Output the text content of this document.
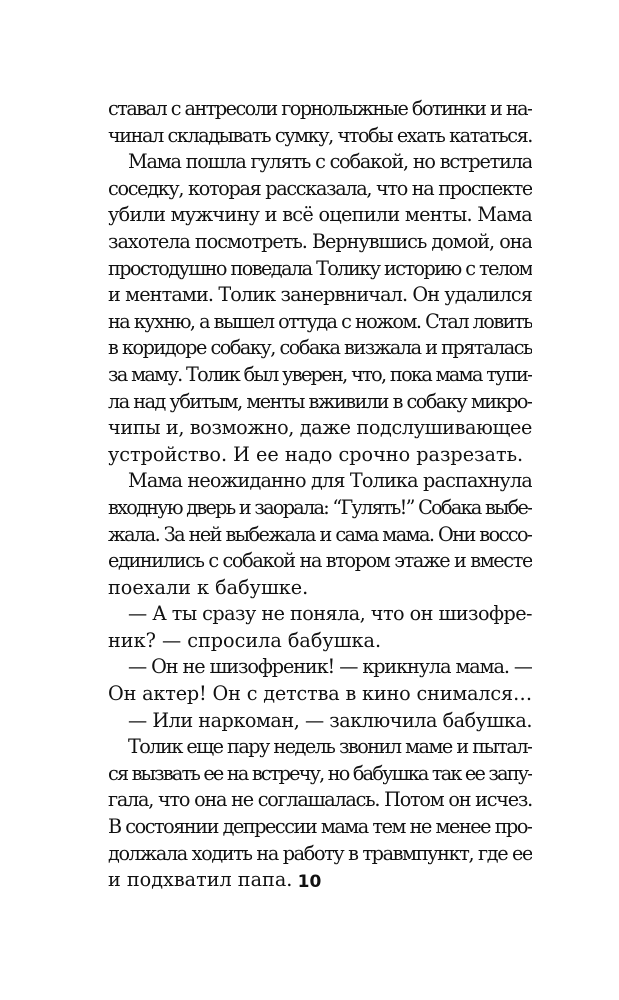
ставал с антресоли горнолыжные ботинки и на-
чинал складывать сумку, чтобы ехать кататься.
Мама пошла гулять с собакой, но встретила
соседку, которая рассказала, что на проспекте
убили мужчину и всё оцепили менты. Мама
захотела посмотреть. Вернувшись домой, она
простодушно поведала Толику историю с телом
и ментами. Толик занервничал. Он удалился
на кухню, а вышел оттуда с ножом. Стал ловить
в коридоре собаку, собака визжала и пряталась
за маму. Толик был уверен, что, пока мама тупи-
ла над убитым, менты вживили в собаку микро-
чипы и, возможно, даже подслушивающее
устройство. И ее надо срочно разрезать.
Мама неожиданно для Толика распахнула
входную дверь и заорала: “Гулять!” Собака выбе-
жала. За ней выбежала и сама мама. Они воссо-
единились с собакой на втором этаже и вместе
поехали к бабушке.
— А ты сразу не поняла, что он шизофре-
ник? — спросила бабушка.
— Он не шизофреник! — крикнула мама. —
Он актер! Он с детства в кино снимался…
— Или наркоман, — заключила бабушка.
Толик еще пару недель звонил маме и пытал-
ся вызвать ее на встречу, но бабушка так ее запу-
гала, что она не соглашалась. Потом он исчез.
В состоянии депрессии мама тем не менее про-
должала ходить на работу в травмпункт, где ее
и подхватил папа. 10
